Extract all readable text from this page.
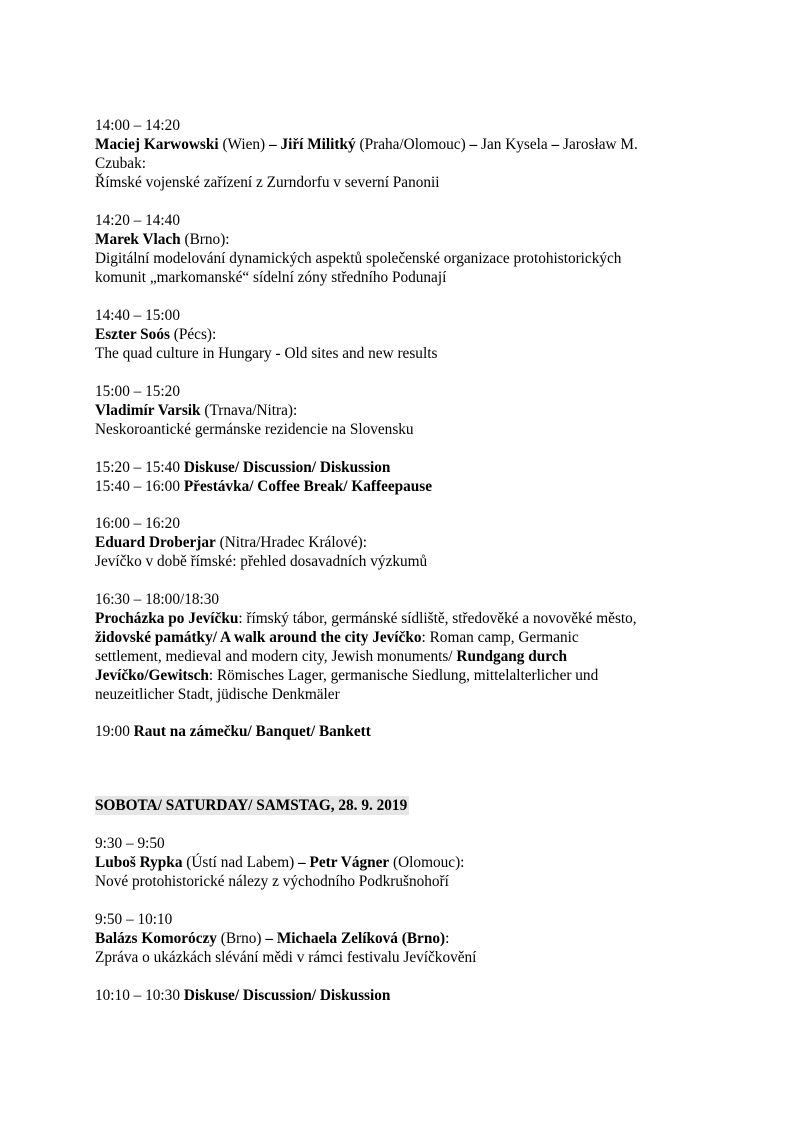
14:00 – 14:20
Maciej Karwowski (Wien) – Jiří Militký (Praha/Olomouc) – Jan Kysela – Jarosław M.
Czubak:
Římské vojenské zařízení z Zurndorfu v severní Panonii
14:20 – 14:40
Marek Vlach (Brno):
Digitální modelování dynamických aspektů společenské organizace protohistorických
komunit „markomanské“ sídelní zóny středního Podunají
14:40 – 15:00
Eszter Soós (Pécs):
The quad culture in Hungary - Old sites and new results
15:00 – 15:20
Vladimír Varsik (Trnava/Nitra):
Neskoroantické germánske rezidencie na Slovensku
15:20 – 15:40 Diskuse/ Discussion/ Diskussion
15:40 – 16:00 Přestávka/ Coffee Break/ Kaffeepause
16:00 – 16:20
Eduard Droberjar (Nitra/Hradec Králové):
Jevíčko v době římské: přehled dosavadních výzkumů
16:30 – 18:00/18:30
Procházka po Jevíčku: římský tábor, germánské sídliště, středověké a novověké město,
židovské památky/ A walk around the city Jevíčko: Roman camp, Germanic
settlement, medieval and modern city, Jewish monuments/ Rundgang durch
Jevíčko/Gewitsch: Römisches Lager, germanische Siedlung, mittelalterlicher und
neuzeitlicher Stadt, jüdische Denkmäler
19:00 Raut na zámečku/ Banquet/ Bankett
SOBOTA/ SATURDAY/ SAMSTAG, 28. 9. 2019
9:30 – 9:50
Luboš Rypka (Ústí nad Labem) – Petr Vágner (Olomouc):
Nové protohistorické nálezy z východního Podkrušnohoří
9:50 – 10:10
Balázs Komoróczy (Brno) – Michaela Zelíková (Brno):
Zpráva o ukázkách slévání mědi v rámci festivalu Jevíčkovění
10:10 – 10:30 Diskuse/ Discussion/ Diskussion
